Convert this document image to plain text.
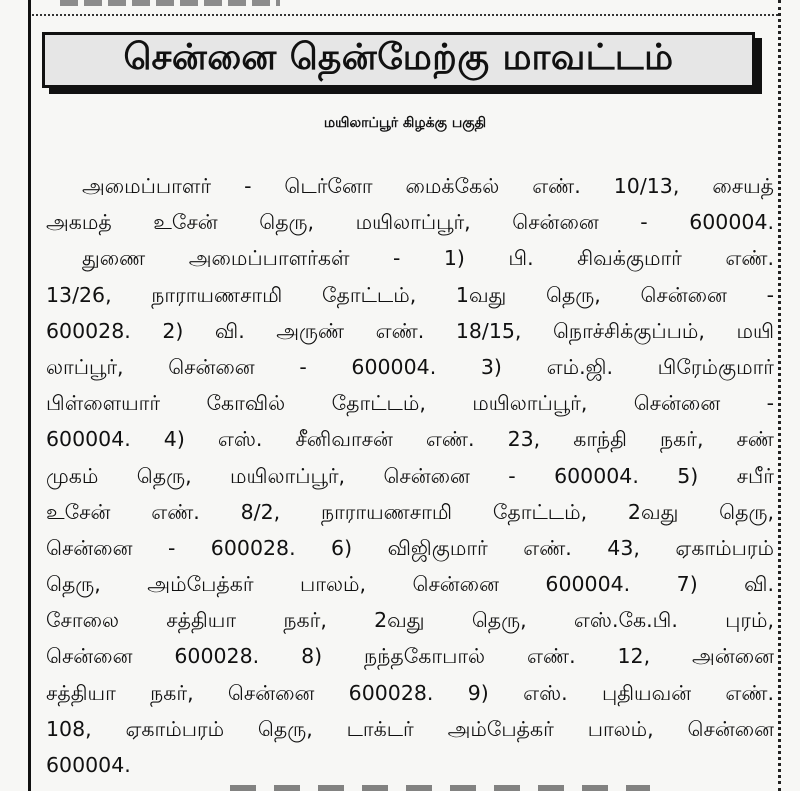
சென்னை தென்மேற்கு மாவட்டம்
மயிலாப்பூர் கிழக்கு பகுதி
அமைப்பாளர் - டெர்னோ மைக்கேல் எண். 10/13, சையத்
அகமத் உசேன் தெரு, மயிலாப்பூர், சென்னை - 600004.
துணை அமைப்பாளர்கள் - 1) பி. சிவக்குமார் எண்.
13/26, நாராயணசாமி தோட்டம், 1வது தெரு, சென்னை -
600028. 2) வி. அருண் எண். 18/15, நொச்சிக்குப்பம், மயி
லாப்பூர், சென்னை - 600004. 3) எம்.ஜி. பிரேம்குமார்
பிள்ளையார் கோவில் தோட்டம், மயிலாப்பூர், சென்னை -
600004. 4) எஸ். சீனிவாசன் எண். 23, காந்தி நகர், சண்
முகம் தெரு, மயிலாப்பூர், சென்னை - 600004. 5) சபீர்
உசேன் எண். 8/2, நாராயணசாமி தோட்டம், 2வது தெரு,
சென்னை - 600028. 6) விஜிகுமார் எண். 43, ஏகாம்பரம்
தெரு, அம்பேத்கர் பாலம், சென்னை 600004. 7) வி.
சோலை சத்தியா நகர், 2வது தெரு, எஸ்.கே.பி. புரம்,
சென்னை 600028. 8) நந்தகோபால் எண். 12, அன்னை
சத்தியா நகர், சென்னை 600028. 9) எஸ். புதியவன் எண்.
108, ஏகாம்பரம் தெரு, டாக்டர் அம்பேத்கர் பாலம், சென்னை
600004.
